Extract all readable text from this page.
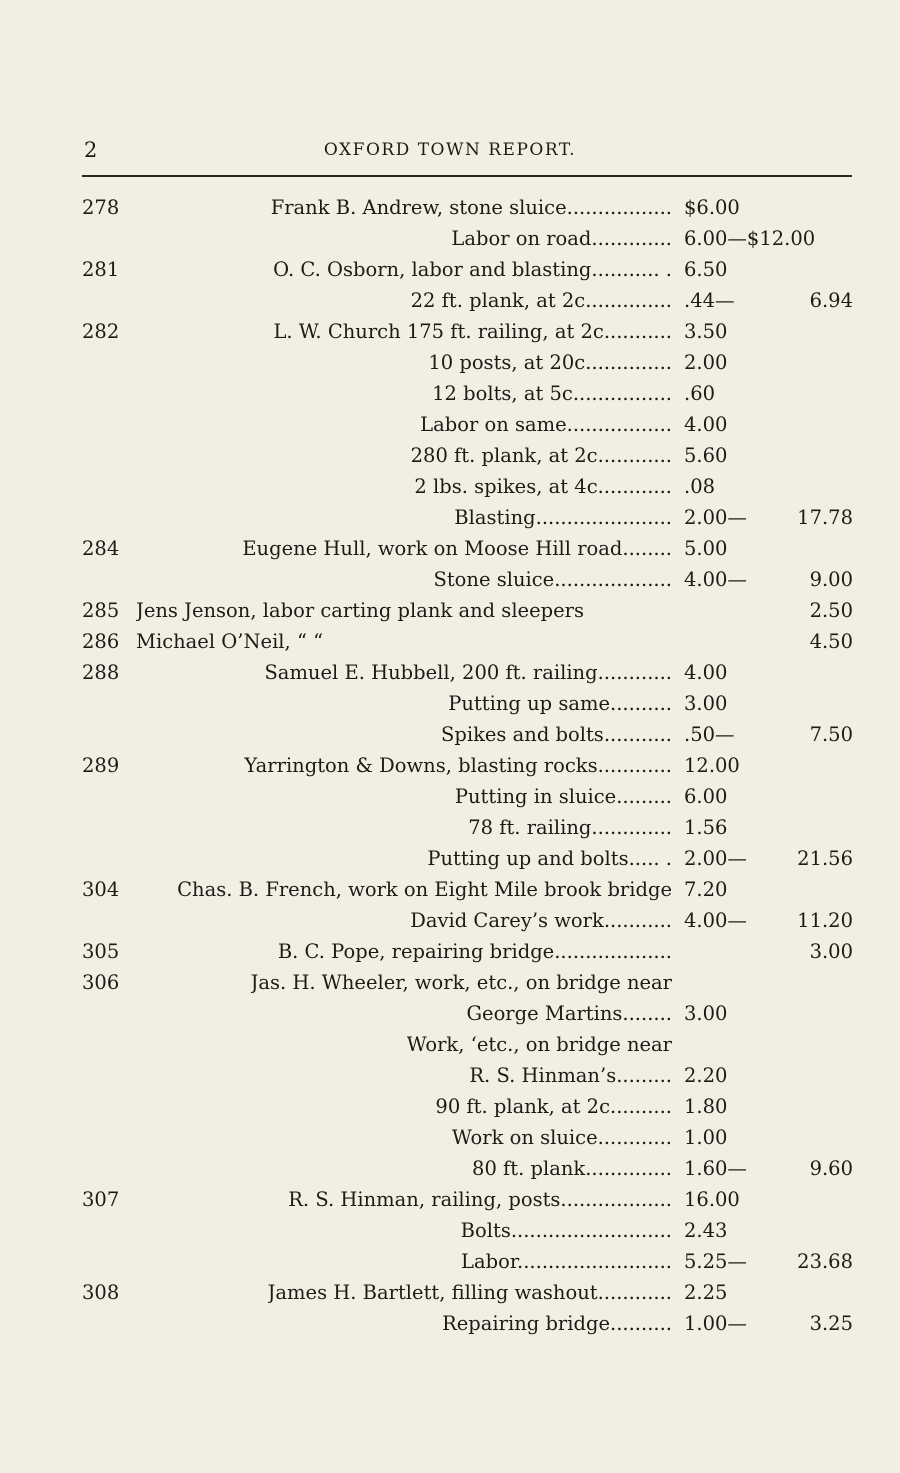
2	OXFORD TOWN REPORT.
278	Frank B. Andrew, stone sluice................. $6.00
Labor on road............. 6.00—$12.00
281	O. C. Osborn, labor and blasting........... . 6.50
22 ft. plank, at 2c.............. .44—	6.94
282	L. W. Church 175 ft. railing, at 2c........... 3.50
10 posts, at 20c.............. 2.00
12 bolts, at 5c................ .60
Labor on same................. 4.00
280 ft. plank, at 2c............ 5.60
2 lbs. spikes, at 4c............ .08
Blasting...................... 2.00—	17.78
284	Eugene Hull, work on Moose Hill road........ 5.00
Stone sluice................... 4.00—	9.00
285 Jens Jenson, labor carting plank and sleepers	2.50
286 Michael O’Neil, “ “	4.50
288	Samuel E. Hubbell, 200 ft. railing............ 4.00
Putting up same.......... 3.00
Spikes and bolts........... .50—	7.50
289	Yarrington & Downs, blasting rocks............ 12.00
Putting in sluice......... 6.00
78 ft. railing............. 1.56
Putting up and bolts..... . 2.00—	21.56
304	Chas. B. French, work on Eight Mile brook bridge 7.20
David Carey’s work........... 4.00—	11.20
305	B. C. Pope, repairing bridge...................	3.00
306	Jas. H. Wheeler, work, etc., on bridge near
George Martins........ 3.00
Work, ‘etc., on bridge near
R. S. Hinman’s......... 2.20
90 ft. plank, at 2c.......... 1.80
Work on sluice............ 1.00
80 ft. plank.............. 1.60—	9.60
307	R. S. Hinman, railing, posts.................. 16.00
Bolts.......................... 2.43
Labor......................... 5.25—	23.68
308	James H. Bartlett, filling washout............ 2.25
Repairing bridge.......... 1.00—	3.25
